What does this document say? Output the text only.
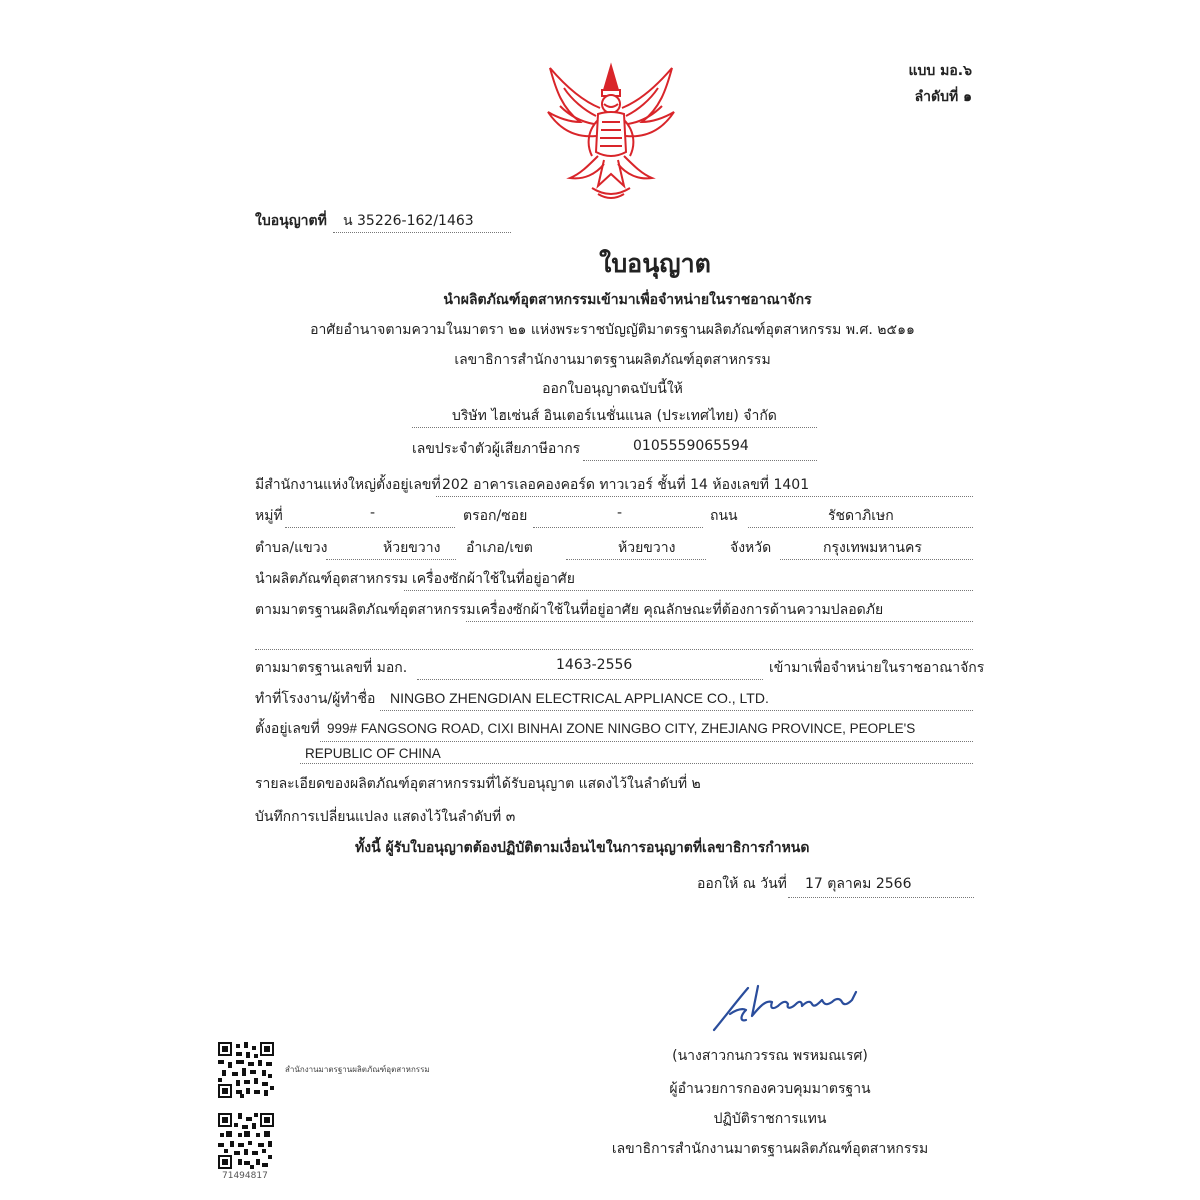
แบบ มอ.๖
ลำดับที่ ๑
ใบอนุญาตที่ น 35226-162/1463
ใบอนุญาต
นำผลิตภัณฑ์อุตสาหกรรมเข้ามาเพื่อจำหน่ายในราชอาณาจักร
อาศัยอำนาจตามความในมาตรา ๒๑ แห่งพระราชบัญญัติมาตรฐานผลิตภัณฑ์อุตสาหกรรม พ.ศ. ๒๕๑๑
เลขาธิการสำนักงานมาตรฐานผลิตภัณฑ์อุตสาหกรรม
ออกใบอนุญาตฉบับนี้ให้
บริษัท ไฮเซ่นส์ อินเตอร์เนชั่นแนล (ประเทศไทย) จำกัด
เลขประจำตัวผู้เสียภาษีอากร	0105559065594
มีสำนักงานแห่งใหญ่ตั้งอยู่เลขที่ 202 อาคารเลอคองคอร์ด ทาวเวอร์ ชั้นที่ 14 ห้องเลขที่ 1401
หมู่ที่	-	ตรอก/ซอย	-	ถนน	รัชดาภิเษก
ตำบล/แขวง	ห้วยขวาง อำเภอ/เขต	ห้วยขวาง	จังหวัด	กรุงเทพมหานคร
นำผลิตภัณฑ์อุตสาหกรรม เครื่องซักผ้าใช้ในที่อยู่อาศัย
ตามมาตรฐานผลิตภัณฑ์อุตสาหกรรม เครื่องซักผ้าใช้ในที่อยู่อาศัย คุณลักษณะที่ต้องการด้านความปลอดภัย
ตามมาตรฐานเลขที่ มอก.	1463-2556	เข้ามาเพื่อจำหน่ายในราชอาณาจักร
ทำที่โรงงาน/ผู้ทำชื่อ NINGBO ZHENGDIAN ELECTRICAL APPLIANCE CO., LTD.
ตั้งอยู่เลขที่ 999# FANGSONG ROAD, CIXI BINHAI ZONE NINGBO CITY, ZHEJIANG PROVINCE, PEOPLE'S
REPUBLIC OF CHINA
รายละเอียดของผลิตภัณฑ์อุตสาหกรรมที่ได้รับอนุญาต แสดงไว้ในลำดับที่ ๒
บันทึกการเปลี่ยนแปลง แสดงไว้ในลำดับที่ ๓
ทั้งนี้ ผู้รับใบอนุญาตต้องปฏิบัติตามเงื่อนไขในการอนุญาตที่เลขาธิการกำหนด
ออกให้ ณ วันที่ 17 ตุลาคม 2566
(นางสาวกนกวรรณ พรหมณเรศ)
ผู้อำนวยการกองควบคุมมาตรฐาน
ปฏิบัติราชการแทน
เลขาธิการสำนักงานมาตรฐานผลิตภัณฑ์อุตสาหกรรม
สำนักงานมาตรฐานผลิตภัณฑ์อุตสาหกรรม
71494817
